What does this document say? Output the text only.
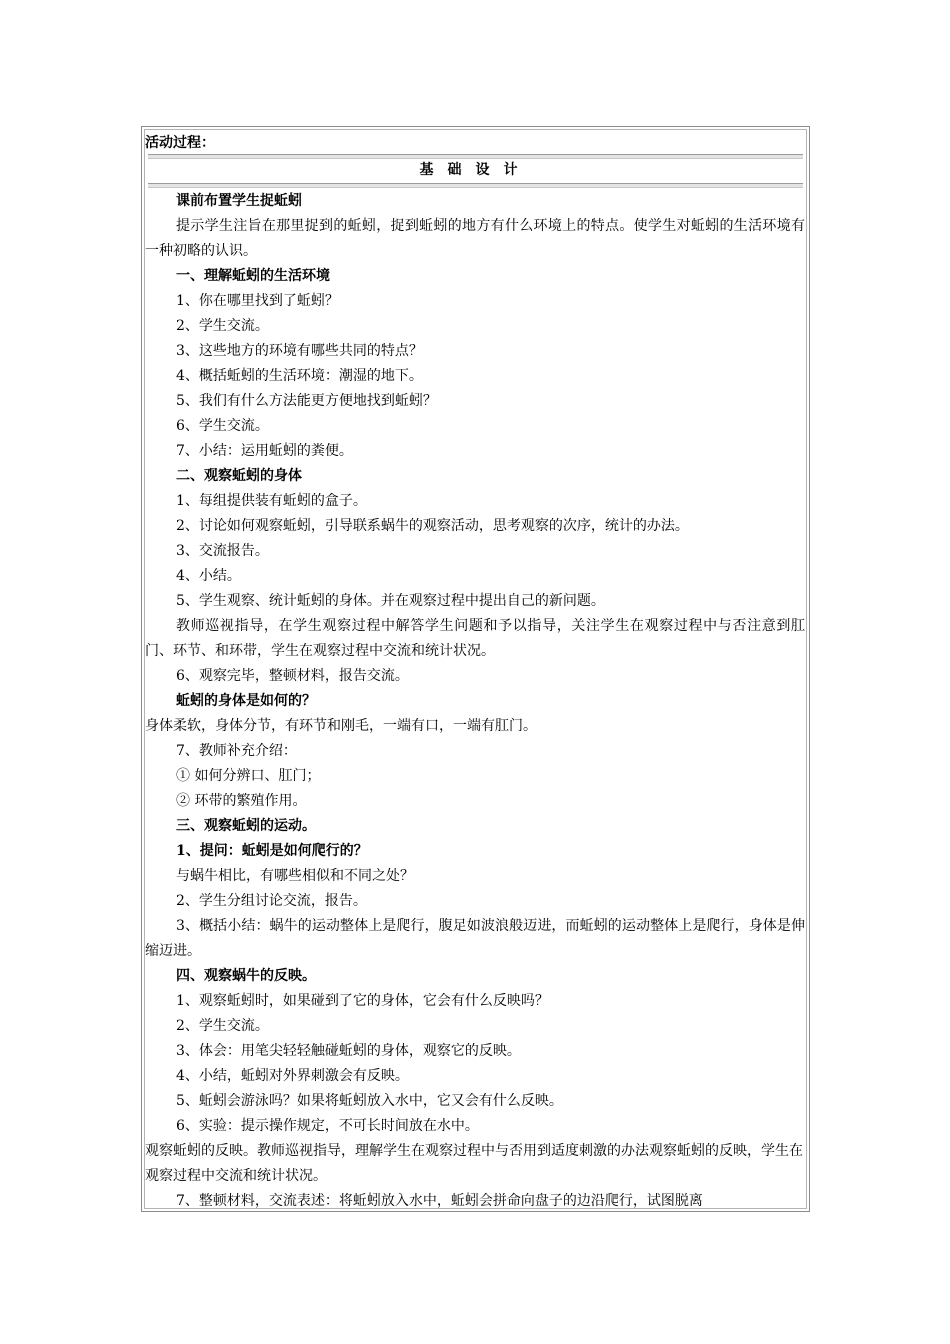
活动过程：
基础设计

课前布置学生捉蚯蚓

提示学生注旨在那里捉到的蚯蚓，捉到蚯蚓的地方有什么环境上的特点。使学生对蚯蚓的生活环境有一种初略的认识。

一、理解蚯蚓的生活环境

1、你在哪里找到了蚯蚓？

2、学生交流。

3、这些地方的环境有哪些共同的特点？

4、概括蚯蚓的生活环境：潮湿的地下。

5、我们有什么方法能更方便地找到蚯蚓？

6、学生交流。

7、小结：运用蚯蚓的粪便。

二、观察蚯蚓的身体

1、每组提供装有蚯蚓的盒子。

2、讨论如何观察蚯蚓，引导联系蜗牛的观察活动，思考观察的次序，统计的办法。

3、交流报告。

4、小结。

5、学生观察、统计蚯蚓的身体。并在观察过程中提出自己的新问题。

教师巡视指导，在学生观察过程中解答学生问题和予以指导，关注学生在观察过程中与否注意到肛门、环节、和环带，学生在观察过程中交流和统计状况。

6、观察完毕，整顿材料，报告交流。

蚯蚓的身体是如何的？

身体柔软，身体分节，有环节和刚毛，一端有口，一端有肛门。

7、教师补充介绍：

① 如何分辨口、肛门；

② 环带的繁殖作用。

三、观察蚯蚓的运动。

1、提问：蚯蚓是如何爬行的？

与蜗牛相比，有哪些相似和不同之处？

2、学生分组讨论交流，报告。

3、概括小结：蜗牛的运动整体上是爬行，腹足如波浪般迈进，而蚯蚓的运动整体上是爬行，身体是伸缩迈进。

四、观察蜗牛的反映。

1、观察蚯蚓时，如果碰到了它的身体，它会有什么反映吗？

2、学生交流。

3、体会：用笔尖轻轻触碰蚯蚓的身体，观察它的反映。

4、小结，蚯蚓对外界刺激会有反映。

5、蚯蚓会游泳吗？如果将蚯蚓放入水中，它又会有什么反映。

6、实验：提示操作规定，不可长时间放在水中。

观察蚯蚓的反映。教师巡视指导，理解学生在观察过程中与否用到适度刺激的办法观察蚯蚓的反映，学生在观察过程中交流和统计状况。

7、整顿材料，交流表述：将蚯蚓放入水中，蚯蚓会拼命向盘子的边沿爬行，试图脱离
